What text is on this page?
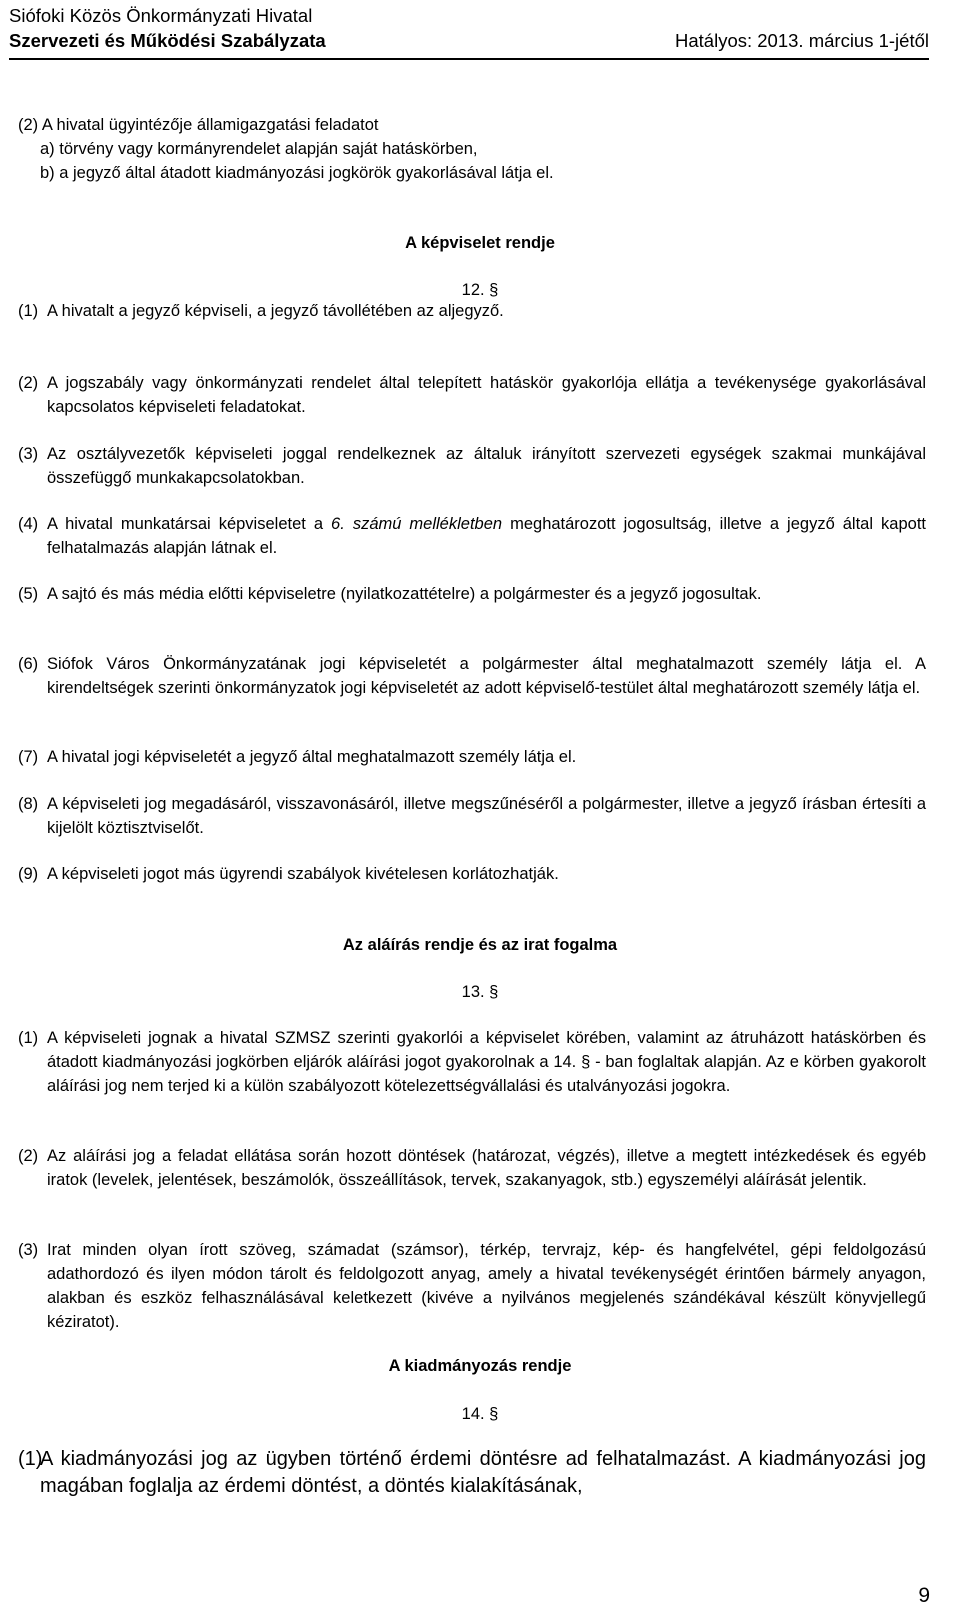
Siófoki Közös Önkormányzati Hivatal
Szervezeti és Működési Szabályzata	Hatályos: 2013. március 1-jétől
(2) A hivatal ügyintézője államigazgatási feladatot
a) törvény vagy kormányrendelet alapján saját hatáskörben,
b) a jegyző által átadott kiadmányozási jogkörök gyakorlásával látja el.
A képviselet rendje
12. §
(1) A hivatalt a jegyző képviseli, a jegyző távollétében az aljegyző.
(2) A jogszabály vagy önkormányzati rendelet által telepített hatáskör gyakorlója ellátja a tevékenysége gyakorlásával kapcsolatos képviseleti feladatokat.
(3) Az osztályvezetők képviseleti joggal rendelkeznek az általuk irányított szervezeti egységek szakmai munkájával összefüggő munkakapcsolatokban.
(4) A hivatal munkatársai képviseletet a 6. számú mellékletben meghatározott jogosultság, illetve a jegyző által kapott felhatalmazás alapján látnak el.
(5) A sajtó és más média előtti képviseletre (nyilatkozattételre) a polgármester és a jegyző jogosultak.
(6) Siófok Város Önkormányzatának jogi képviseletét a polgármester által meghatalmazott személy látja el. A kirendeltségek szerinti önkormányzatok jogi képviseletét az adott képviselő-testület által meghatározott személy látja el.
(7) A hivatal jogi képviseletét a jegyző által meghatalmazott személy látja el.
(8) A képviseleti jog megadásáról, visszavonásáról, illetve megszűnéséről a polgármester, illetve a jegyző írásban értesíti a kijelölt köztisztviselőt.
(9) A képviseleti jogot más ügyrendi szabályok kivételesen korlátozhatják.
Az aláírás rendje és az irat fogalma
13. §
(1) A képviseleti jognak a hivatal SZMSZ szerinti gyakorlói a képviselet körében, valamint az átruházott hatáskörben és átadott kiadmányozási jogkörben eljárók aláírási jogot gyakorolnak a 14. § - ban foglaltak alapján. Az e körben gyakorolt aláírási jog nem terjed ki a külön szabályozott kötelezettségvállalási és utalványozási jogokra.
(2) Az aláírási jog a feladat ellátása során hozott döntések (határozat, végzés), illetve a megtett intézkedések és egyéb iratok (levelek, jelentések, beszámolók, összeállítások, tervek, szakanyagok, stb.) egyszemélyi aláírását jelentik.
(3) Irat minden olyan írott szöveg, számadat (számsor), térkép, tervrajz, kép- és hangfelvétel, gépi feldolgozású adathordozó és ilyen módon tárolt és feldolgozott anyag, amely a hivatal tevékenységét érintően bármely anyagon, alakban és eszköz felhasználásával keletkezett (kivéve a nyilvános megjelenés szándékával készült könyvjellegű kéziratot).
A kiadmányozás rendje
14. §
(1)
A kiadmányozási jog az ügyben történő érdemi döntésre ad felhatalmazást. A kiadmányozási jog magában foglalja az érdemi döntést, a döntés kialakításának,
9
